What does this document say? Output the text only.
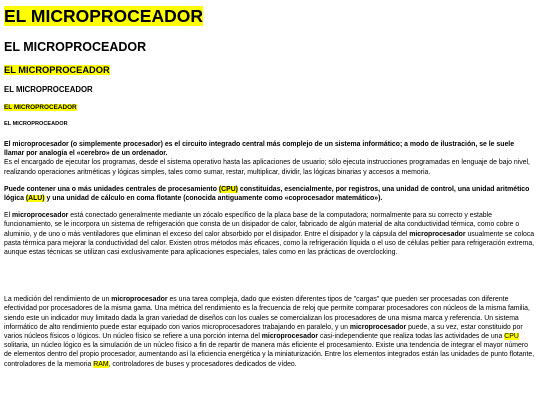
EL MICROPROCEADOR
EL MICROPROCEADOR
EL MICROPROCEADOR
EL MICROPROCEADOR
EL MICROPROCEADOR
EL MICROPROCEADOR

El microprocesador (o simplemente procesador) es el circuito integrado central más complejo de un sistema informático; a modo de ilustración, se le suele llamar por analogía el «cerebro» de un ordenador.

Es el encargado de ejecutar los programas, desde el sistema operativo hasta las aplicaciones de usuario; sólo ejecuta instrucciones programadas en lenguaje de bajo nivel, realizando operaciones aritméticas y lógicas simples, tales como sumar, restar, multiplicar, dividir, las lógicas binarias y accesos a memoria.

Puede contener una o más unidades centrales de procesamiento (CPU) constituidas, esencialmente, por registros, una unidad de control, una unidad aritmético lógica (ALU) y una unidad de cálculo en coma flotante (conocida antiguamente como «coprocesador matemático»).

El microprocesador está conectado generalmente mediante un zócalo específico de la placa base de la computadora; normalmente para su correcto y estable funcionamiento, se le incorpora un sistema de refrigeración que consta de un disipador de calor, fabricado de algún material de alta conductividad térmica, como cobre o aluminio, y de uno o más ventiladores que eliminan el exceso del calor absorbido por el disipador. Entre el disipador y la cápsula del microprocesador usualmente se coloca pasta térmica para mejorar la conductividad del calor. Existen otros métodos más eficaces, como la refrigeración líquida o el uso de células peltier para refrigeración extrema, aunque estas técnicas se utilizan casi exclusivamente para aplicaciones especiales, tales como en las prácticas de overclocking.

La medición del rendimiento de un microprocesador es una tarea compleja, dado que existen diferentes tipos de "cargas" que pueden ser procesadas con diferente efectividad por procesadores de la misma gama. Una métrica del rendimiento es la frecuencia de reloj que permite comparar procesadores con núcleos de la misma familia, siendo este un indicador muy limitado dada la gran variedad de diseños con los cuales se comercializan los procesadores de una misma marca y referencia. Un sistema informático de alto rendimiento puede estar equipado con varios microprocesadores trabajando en paralelo, y un microprocesador puede, a su vez, estar constituido por varios núcleos físicos o lógicos. Un núcleo físico se refiere a una porción interna del microprocesador casi-independiente que realiza todas las actividades de una CPU solitaria, un núcleo lógico es la simulación de un núcleo físico a fin de repartir de manera más eficiente el procesamiento. Existe una tendencia de integrar el mayor número de elementos dentro del propio procesador, aumentando así la eficiencia energética y la miniaturización. Entre los elementos integrados están las unidades de punto flotante, controladores de la memoria RAM, controladores de buses y procesadores dedicados de vídeo.
